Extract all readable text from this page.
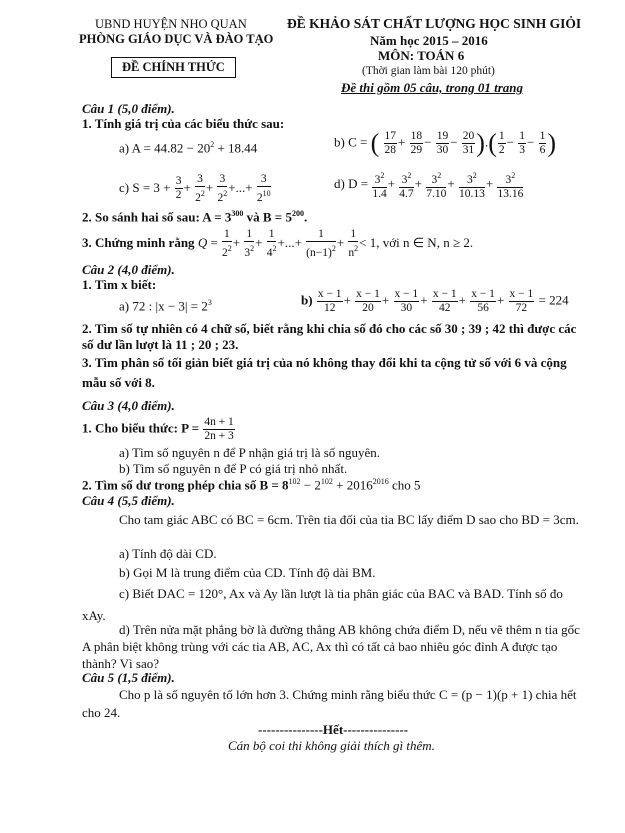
UBND HUYỆN NHO QUAN
PHÒNG GIÁO DỤC VÀ ĐÀO TẠO
ĐỀ CHÍNH THỨC
ĐỀ KHẢO SÁT CHẤT LƯỢNG HỌC SINH GIỎI
Năm học 2015 – 2016
MÔN: TOÁN 6
(Thời gian làm bài 120 phút)
Đề thi gồm 05 câu, trong 01 trang
Câu 1 (5,0 điểm).
1. Tính giá trị của các biểu thức sau:
a) $A = 44.82 - 20^2 + 18.44$	b) C = ( $\frac{17}{28} + \frac{18}{29} - \frac{19}{30} - \frac{20}{31}$ ).( $\frac{1}{2} - \frac{1}{3} - \frac{1}{6}$ )
c) $S = 3 + \frac{3}{2} + \frac{3}{2^2} + \frac{3}{2^2}$ +...+ $\frac{3}{2^{10}}$	d) $D = \frac{3^2}{1.4} + \frac{3^2}{4.7} + \frac{3^2}{7.10} + \frac{3^2}{10.13} + \frac{3^2}{13.16}$
2. So sánh hai số sau: $A = 3^{300}$ và $B = 5^{200}$.
3. Chứng minh rằng $Q = \frac{1}{2^2} + \frac{1}{3^2} + \frac{1}{4^2}$ +...+ $\frac{1}{(n-1)^2} + \frac{1}{n^2} < 1$, với n ∈ N, n ≥ 2.
Câu 2 (4,0 điểm).
1. Tìm x biết:
a) 72 : $|x - 3| = 2^3$	$b) \frac{x - 1}{12} + \frac{x - 1}{20} + \frac{x - 1}{30} + \frac{x - 1}{42} + \frac{x - 1}{56} + \frac{x - 1}{72} = 224$
2. Tìm số tự nhiên có 4 chữ số, biết rằng khi chia số đó cho các số 30 ; 39 ; 42 thì được các số dư lần lượt là 11 ; 20 ; 23.
3. Tìm phân số tối giản biết giá trị của nó không thay đổi khi ta cộng tử số với 6 và cộng mẫu số với 8.
Câu 3 (4,0 điểm).
1. Cho biểu thức: $P = \frac{4n + 1}{2n + 3}$
a) Tìm số nguyên n để P nhận giá trị là số nguyên.
b) Tìm số nguyên n để P có giá trị nhỏ nhất.
2. Tìm số dư trong phép chia số $B = 8^{102} - 2^{102} + 2016^{2016}$ cho 5
Câu 4 (5,5 điểm).
Cho tam giác ABC có BC = 6cm. Trên tia đối của tia BC lấy điểm D sao cho BD = 3cm.
a) Tính độ dài CD.
b) Gọi M là trung điểm của CD. Tính độ dài BM.
c) Biết DAC = 120°, Ax và Ay lần lượt là tia phân giác của BAC và BAD. Tính số đo xAy.
d) Trên nửa mặt phẳng bờ là đường thẳng AB không chứa điểm D, nếu vẽ thêm n tia gốc A phân biệt không trùng với các tia AB, AC, Ax thì có tất cả bao nhiêu góc đỉnh A được tạo thành? Vì sao?
Câu 5 (1,5 điểm).
Cho p là số nguyên tố lớn hơn 3. Chứng minh rằng biểu thức C = (p − 1)(p + 1) chia hết cho 24.
---------------Hết---------------
Cán bộ coi thi không giải thích gì thêm.
